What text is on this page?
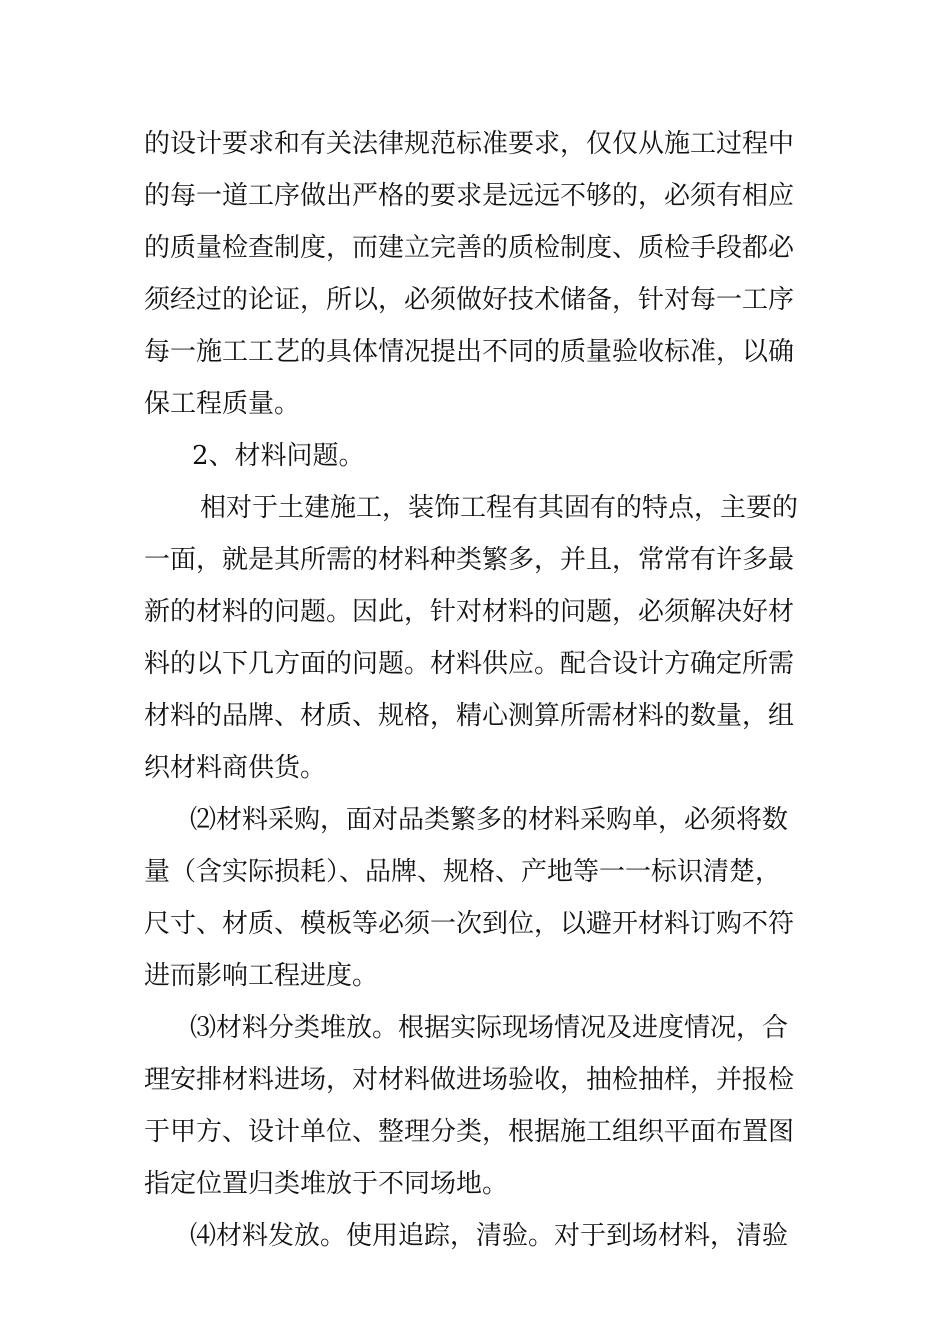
的设计要求和有关法律规范标准要求，仅仅从施工过程中
的每一道工序做出严格的要求是远远不够的，必须有相应
的质量检查制度，而建立完善的质检制度、质检手段都必
须经过的论证，所以，必须做好技术储备，针对每一工序
每一施工工艺的具体情况提出不同的质量验收标准，以确
保工程质量。
2、材料问题。
相对于土建施工，装饰工程有其固有的特点，主要的
一面，就是其所需的材料种类繁多，并且，常常有许多最
新的材料的问题。因此，针对材料的问题，必须解决好材
料的以下几方面的问题。材料供应。配合设计方确定所需
材料的品牌、材质、规格，精心测算所需材料的数量，组
织材料商供货。
⑵材料采购，面对品类繁多的材料采购单，必须将数
量（含实际损耗）、品牌、规格、产地等一一标识清楚，
尺寸、材质、模板等必须一次到位，以避开材料订购不符
进而影响工程进度。
⑶材料分类堆放。根据实际现场情况及进度情况，合
理安排材料进场，对材料做进场验收，抽检抽样，并报检
于甲方、设计单位、整理分类，根据施工组织平面布置图
指定位置归类堆放于不同场地。
⑷材料发放。使用追踪，清验。对于到场材料，清验
